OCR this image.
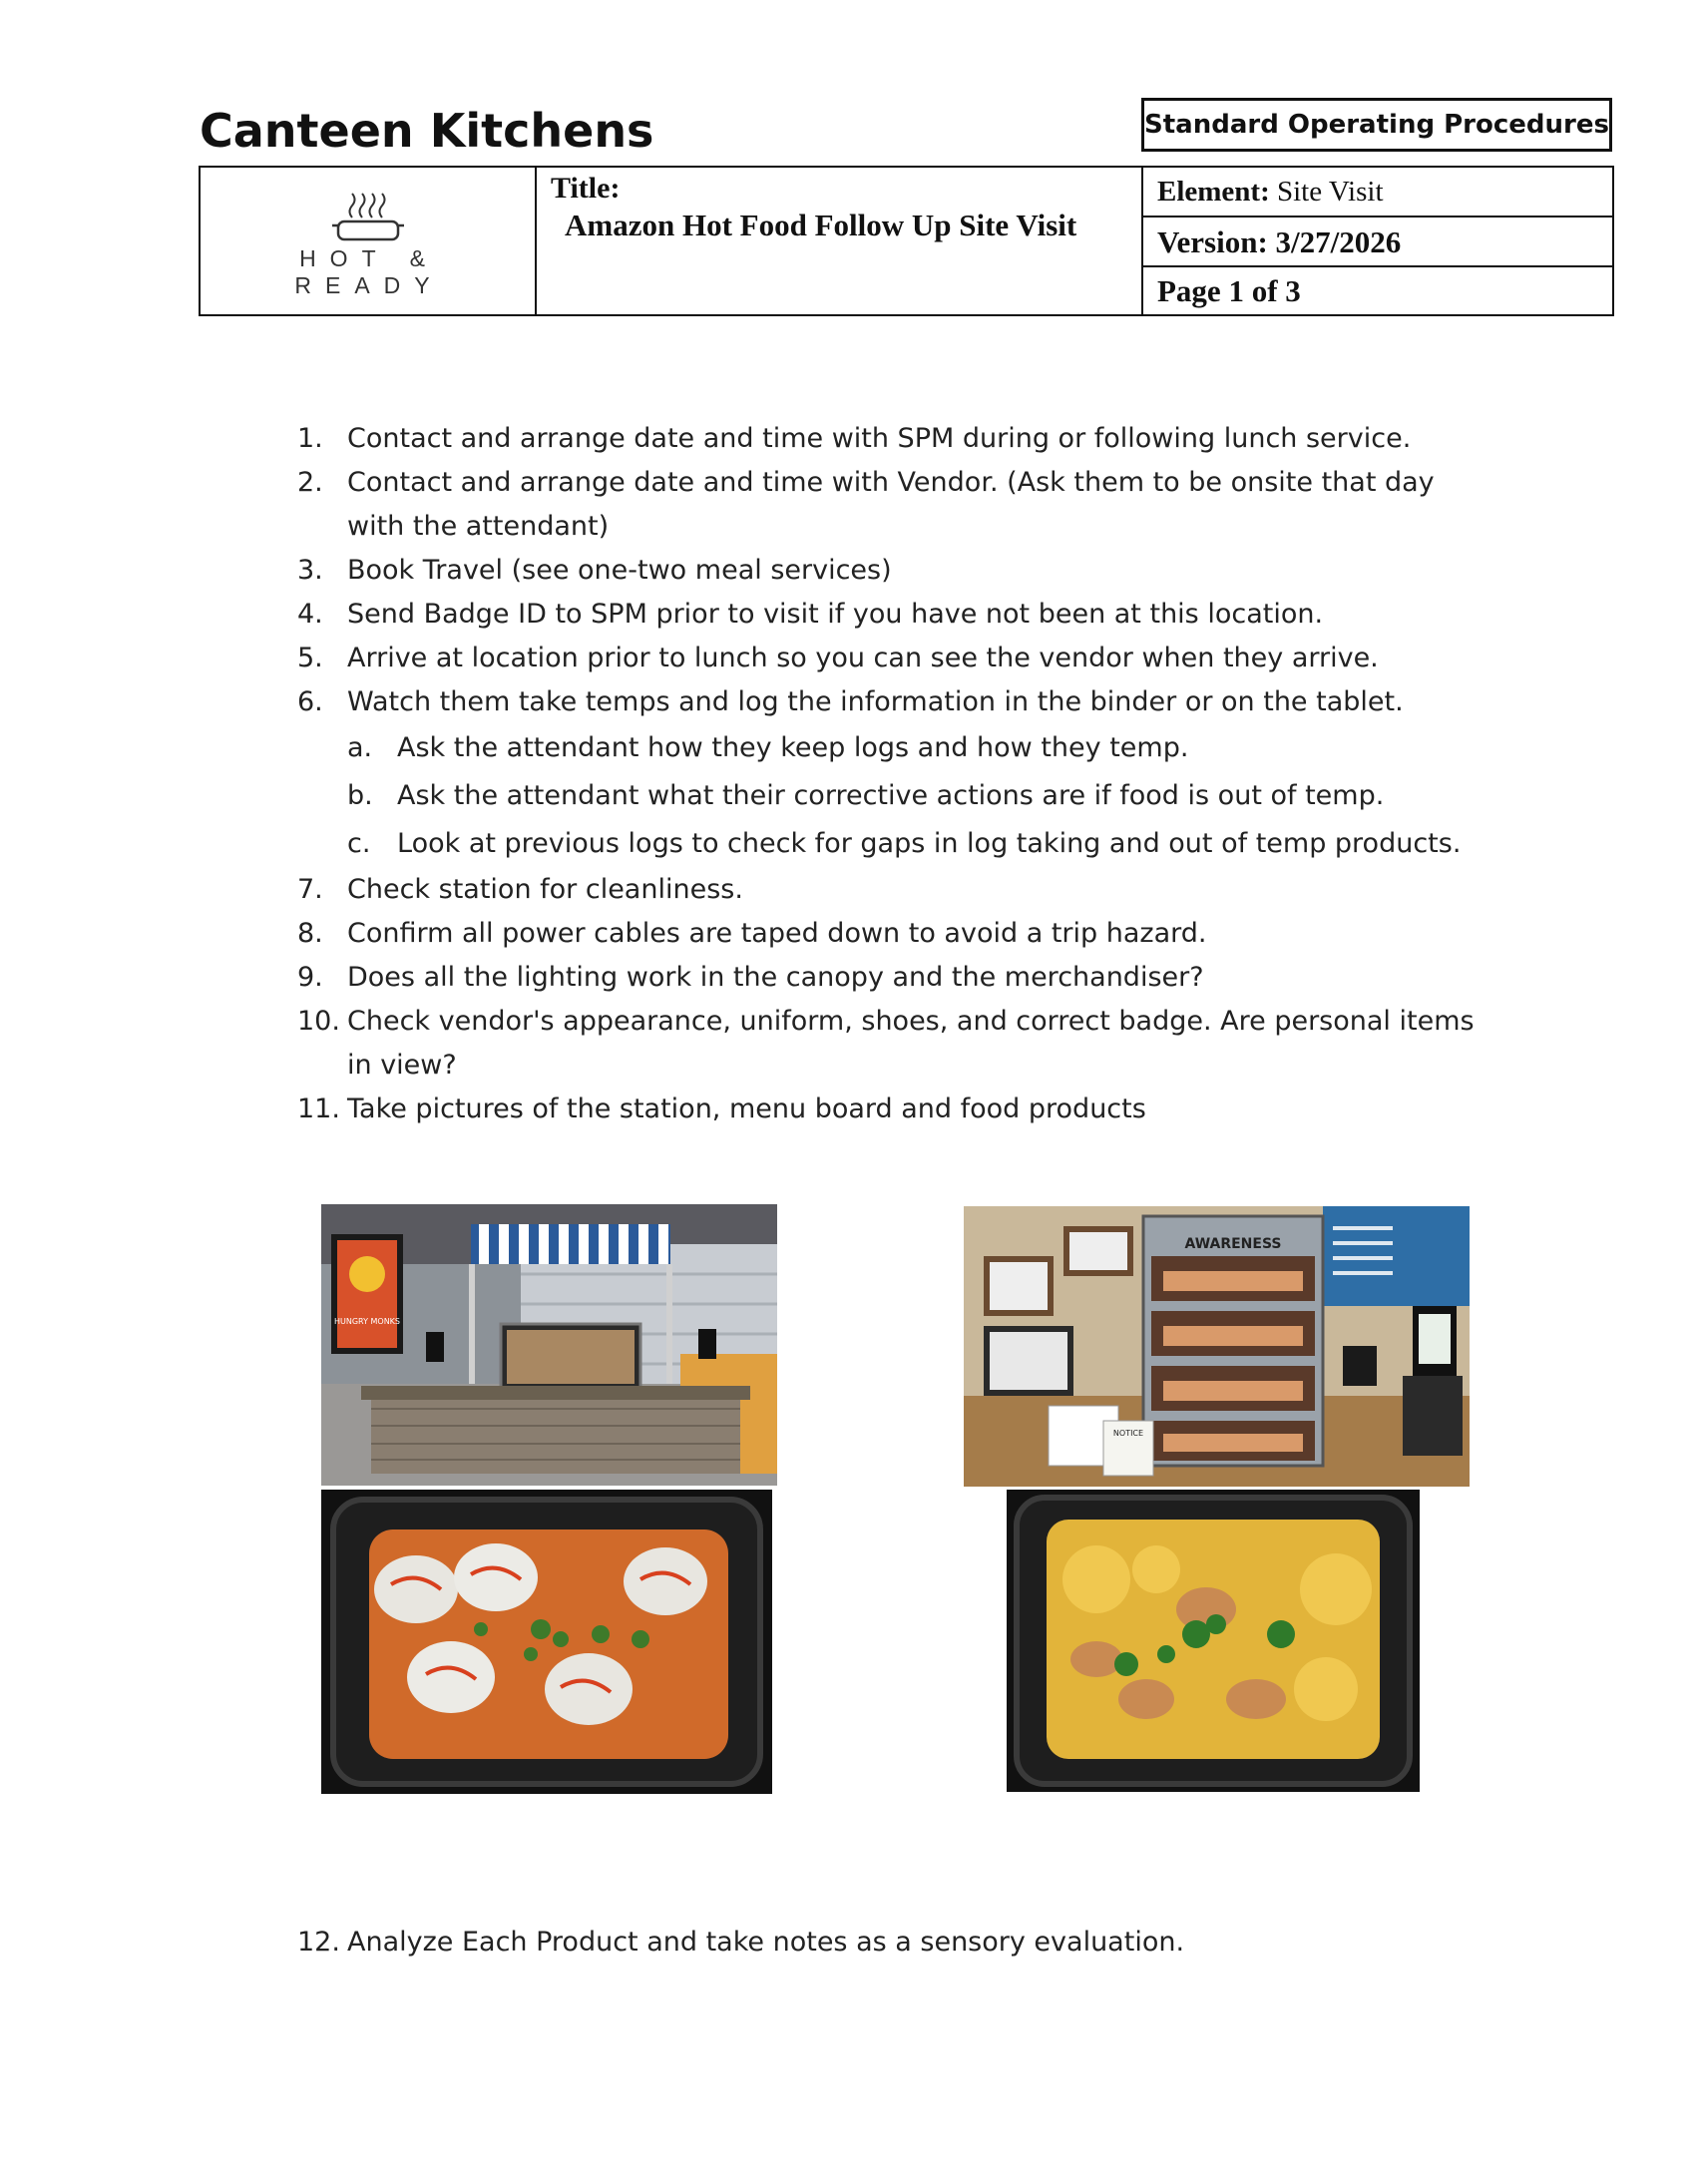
Canteen Kitchens	Standard Operating Procedures
HOT & READY
Title:
Amazon Hot Food Follow Up Site Visit
Element: Site Visit
Version: 3/27/2026
Page 1 of 3
1. Contact and arrange date and time with SPM during or following lunch service.
2. Contact and arrange date and time with Vendor. (Ask them to be onsite that day with the attendant)
3. Book Travel (see one-two meal services)
4. Send Badge ID to SPM prior to visit if you have not been at this location.
5. Arrive at location prior to lunch so you can see the vendor when they arrive.
6. Watch them take temps and log the information in the binder or on the tablet.
a. Ask the attendant how they keep logs and how they temp.
b. Ask the attendant what their corrective actions are if food is out of temp.
c. Look at previous logs to check for gaps in log taking and out of temp products.
7. Check station for cleanliness.
8. Confirm all power cables are taped down to avoid a trip hazard.
9. Does all the lighting work in the canopy and the merchandiser?
10. Check vendor's appearance, uniform, shoes, and correct badge. Are personal items in view?
11. Take pictures of the station, menu board and food products
HUNGRY MONKS
AWARENESS
NOTICE
12. Analyze Each Product and take notes as a sensory evaluation.
